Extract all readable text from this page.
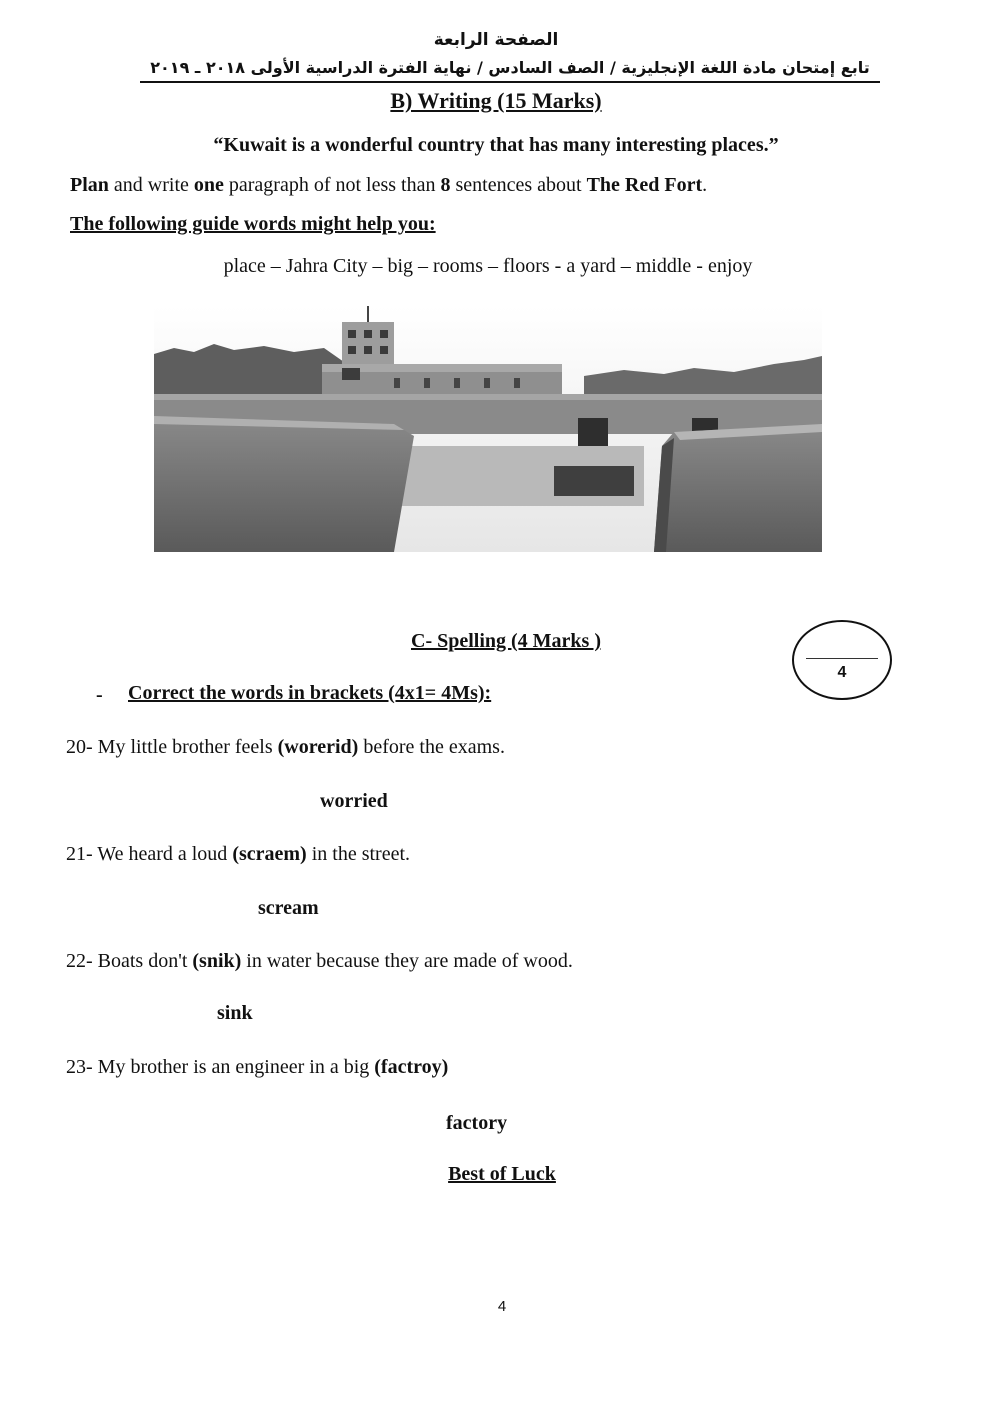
الصفحة الرابعة
تابع إمتحان مادة اللغة الإنجليزية / الصف السادس / نهاية الفترة الدراسية الأولى ٢٠١٨ ـ ٢٠١٩
B) Writing (15 Marks)
“Kuwait is a wonderful country that has many interesting places.”
Plan and write one paragraph of not less than 8 sentences about The Red Fort.
The following guide words might help you:
place – Jahra City – big – rooms – floors - a yard – middle - enjoy
C- Spelling (4 Marks )
4
- Correct the words in brackets (4x1= 4Ms):
20- My little brother feels (worerid) before the exams.
worried
21- We heard a loud (scraem) in the street.
scream
22- Boats don't (snik) in water because they are made of wood.
sink
23- My brother is an engineer in a big (factroy)
factory
Best of Luck
4
